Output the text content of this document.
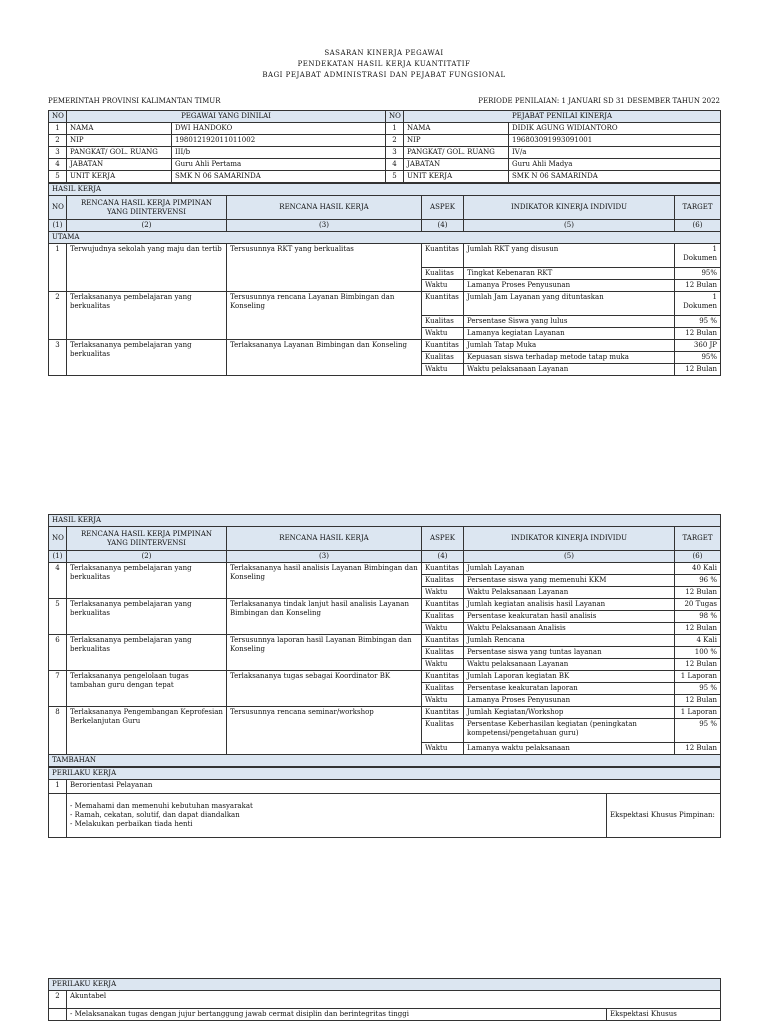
SASARAN KINERJA PEGAWAI
PENDEKATAN HASIL KERJA KUANTITATIF
BAGI PEJABAT ADMINISTRASI DAN PEJABAT FUNGSIONAL
PEMERINTAH PROVINSI KALIMANTAN TIMUR	PERIODE PENILAIAN: 1 JANUARI SD 31 DESEMBER TAHUN 2022
NO	PEGAWAI YANG DINILAI		NO	PEJABAT PENILAI KINERJA	
1	NAMA	DWI HANDOKO	1	NAMA	DIDIK AGUNG WIDIANTORO
2	NIP	198012192011011002	2	NIP	196803091993091001
3	PANGKAT/ GOL. RUANG	III/b	3	PANGKAT/ GOL. RUANG	IV/a
4	JABATAN	Guru Ahli Pertama	4	JABATAN	Guru Ahli Madya
5	UNIT KERJA	SMK N 06 SAMARINDA	5	UNIT KERJA	SMK N 06 SAMARINDA
HASIL KERJA					
NO	RENCANA HASIL KERJA PIMPINAN YANG DIINTERVENSI	RENCANA HASIL KERJA	ASPEK	INDIKATOR KINERJA INDIVIDU	TARGET
(1)	(2)	(3)	(4)	(5)	(6)
UTAMA					
1	Terwujudnya sekolah yang maju dan tertib	Tersusunnya RKT yang berkualitas	Kuantitas	Jumlah RKT yang disusun	1 Dokumen
			Kualitas	Tingkat Kebenaran RKT	95%
			Waktu	Lamanya Proses Penyusunan	12 Bulan
2	Terlaksananya pembelajaran yang berkualitas	Tersusunnya rencana Layanan Bimbingan dan Konseling	Kuantitas	Jumlah Jam Layanan yang dituntaskan	1 Dokumen
			Kualitas	Persentase Siswa yang lulus	95 %
			Waktu	Lamanya kegiatan Layanan	12 Bulan
3	Terlaksananya pembelajaran yang berkualitas	Terlaksananya Layanan Bimbingan dan Konseling	Kuantitas	Jumlah Tatap Muka	360 JP
			Kualitas	Kepuasan siswa terhadap metode tatap muka	95%
			Waktu	Waktu pelaksanaan Layanan	12 Bulan
HASIL KERJA					
NO	RENCANA HASIL KERJA PIMPINAN YANG DIINTERVENSI	RENCANA HASIL KERJA	ASPEK	INDIKATOR KINERJA INDIVIDU	TARGET
(1)	(2)	(3)	(4)	(5)	(6)
4	Terlaksananya pembelajaran yang berkualitas	Terlaksananya hasil analisis Layanan Bimbingan dan Konseling	Kuantitas	Jumlah Layanan	40 Kali
			Kualitas	Persentase siswa yang memenuhi KKM	96 %
			Waktu	Waktu Pelaksanaan Layanan	12 Bulan
5	Terlaksananya pembelajaran yang berkualitas	Terlaksananya tindak lanjut hasil analisis Layanan Bimbingan dan Konseling	Kuantitas	Jumlah kegiatan analisis hasil Layanan	20 Tugas
			Kualitas	Persentase keakuratan hasil analisis	98 %
			Waktu	Waktu Pelaksanaan Analisis	12 Bulan
6	Terlaksananya pembelajaran yang berkualitas	Tersusunnya laporan hasil Layanan Bimbingan dan Konseling	Kuantitas	Jumlah Rencana	4 Kali
			Kualitas	Persentase siswa yang tuntas layanan	100 %
			Waktu	Waktu pelaksanaan Layanan	12 Bulan
7	Terlaksananya pengelolaan tugas tambahan guru dengan tepat	Terlaksananya tugas sebagai Koordinator BK	Kuantitas	Jumlah Laporan kegiatan BK	1 Laporan
			Kualitas	Persentase keakuratan laporan	95 %
			Waktu	Lamanya Proses Penyusunan	12 Bulan
8	Terlaksananya Pengembangan Keprofesian Berkelanjutan Guru	Tersusunnya rencana seminar/workshop	Kuantitas	Jumlah Kegiatan/Workshop	1 Laporan
			Kualitas	Persentase Keberhasilan kegiatan (peningkatan kompetensi/pengetahuan guru)	95 %
			Waktu	Lamanya waktu pelaksanaan	12 Bulan
TAMBAHAN					
PERILAKU KERJA		
1	Berorientasi Pelayanan	

	- Memahami dan memenuhi kebutuhan masyarakat
- Ramah, cekatan, solutif, dan dapat diandalkan
- Melakukan perbaikan tiada henti	Ekspektasi Khusus Pimpinan:
PERILAKU KERJA		
2	Akuntabel	

	- Melaksanakan tugas dengan jujur bertanggung jawab cermat disiplin dan berintegritas tinggi	Ekspektasi Khusus
